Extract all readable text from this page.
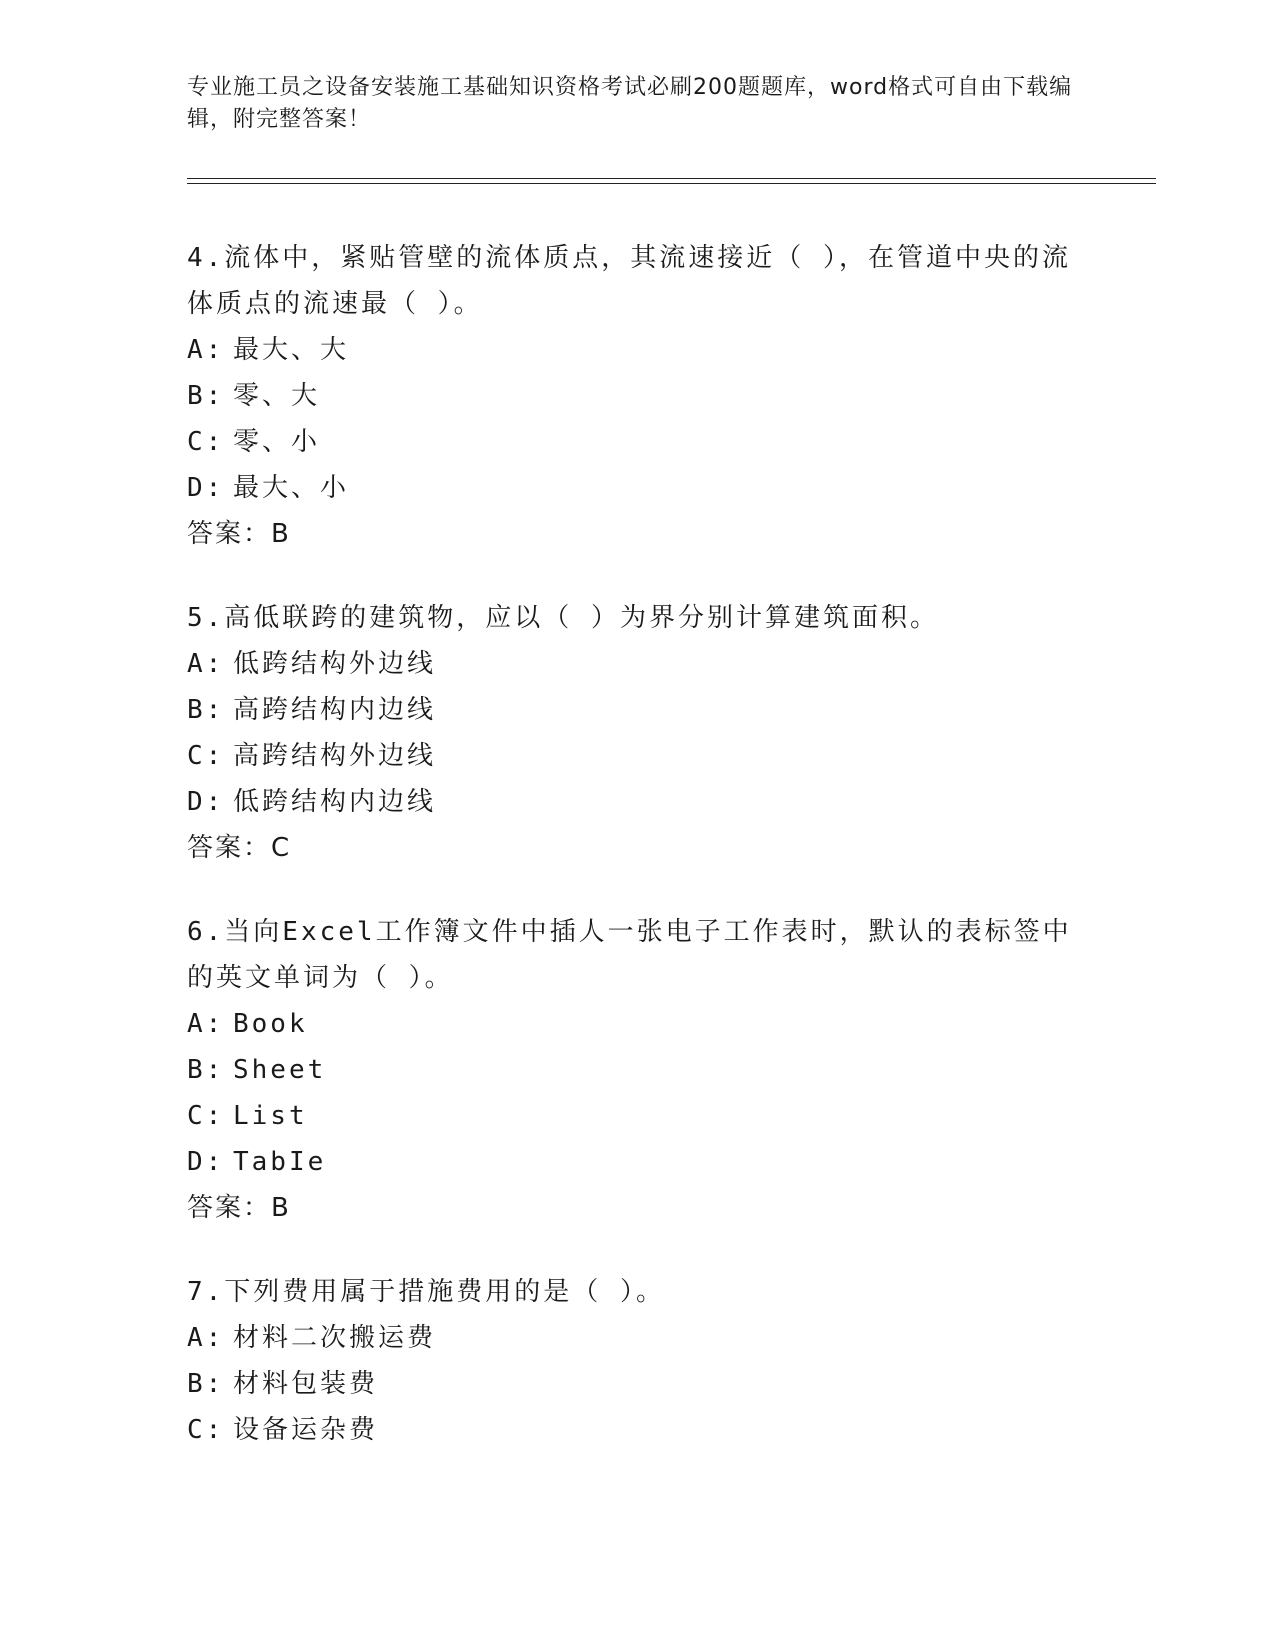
专业施工员之设备安装施工基础知识资格考试必刷200题题库，word格式可自由下载编辑，附完整答案！
4.流体中，紧贴管壁的流体质点，其流速接近（ ），在管道中央的流体质点的流速最（ ）。
A: 最大、大
B: 零、大
C: 零、小
D: 最大、小
答案：B
5.高低联跨的建筑物，应以（ ）为界分别计算建筑面积。
A: 低跨结构外边线
B: 高跨结构内边线
C: 高跨结构外边线
D: 低跨结构内边线
答案：C
6.当向Excel工作簿文件中插人一张电子工作表时，默认的表标签中的英文单词为（ ）。
A: Book
B: Sheet
C: List
D: TabIe
答案：B
7.下列费用属于措施费用的是（ ）。
A: 材料二次搬运费
B: 材料包装费
C: 设备运杂费
